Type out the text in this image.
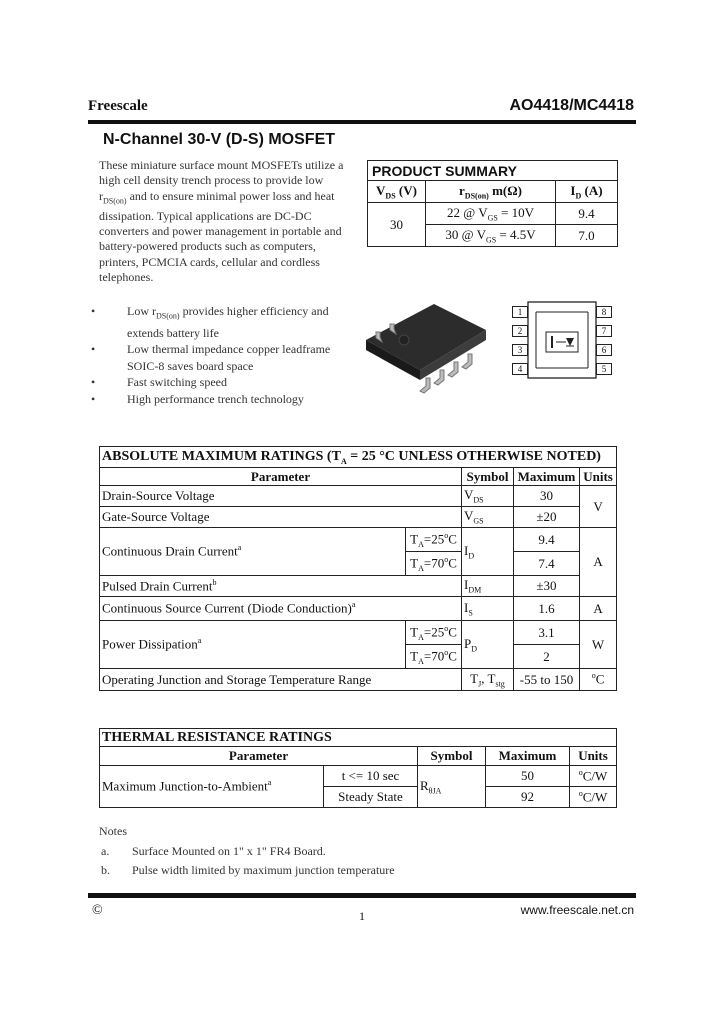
Freescale	AO4418/MC4418
N-Channel 30-V (D-S) MOSFET
These miniature surface mount MOSFETs utilize a
high cell density trench process to provide low
$r_{DS(on)}$ and to ensure minimal power loss and heat
dissipation. Typical applications are DC-DC
converters and power management in portable and
battery-powered products such as computers,
printers, PCMCIA cards, cellular and cordless
telephones.
PRODUCT SUMMARY		
$V_{DS}$ (V)	$r_{DS(on)}$ m(Ω)	$I_D$ (A)
30	22 @ $V_{GS} = 10V$	9.4
	30 @ $V_{GS} = 4.5V$	7.0
•	Low $r_{DS(on)}$ provides higher efficiency and
extends battery life
•	Low thermal impedance copper leadframe
SOIC-8 saves board space
•	Fast switching speed
•	High performance trench technology
1
2
3
4
8
7
6
5
ABSOLUTE MAXIMUM RATINGS ($T_A = 25$ °C UNLESS OTHERWISE NOTED)				
Parameter		Symbol	Maximum	Units
Drain-Source Voltage		$V_{DS}$	30	V
Gate-Source Voltage		$V_{GS}$	±20	
Continuous Drain Current$^a$	$T_A=25^oC$	$I_D$	9.4	A
	$T_A=70^oC$		7.4	
Pulsed Drain Current$^b$		$I_{DM}$	±30	
Continuous Source Current (Diode Conduction)$^a$		$I_S$	1.6	A
Power Dissipation$^a$	$T_A=25^oC$	$P_D$	3.1	W
	$T_A=70^oC$		2	
Operating Junction and Storage Temperature Range		$T_J$, $T_{stg}$	-55 to 150	$^o$C
THERMAL RESISTANCE RATINGS				
Parameter		Symbol	Maximum	Units
Maximum Junction-to-Ambient$^a$	t <= 10 sec	$R_{\theta JA}$	50	$^o$C/W
	Steady State		92	$^o$C/W
Notes
a. Surface Mounted on 1" x 1" FR4 Board.
b. Pulse width limited by maximum junction temperature
©	1	www.freescale.net.cn
